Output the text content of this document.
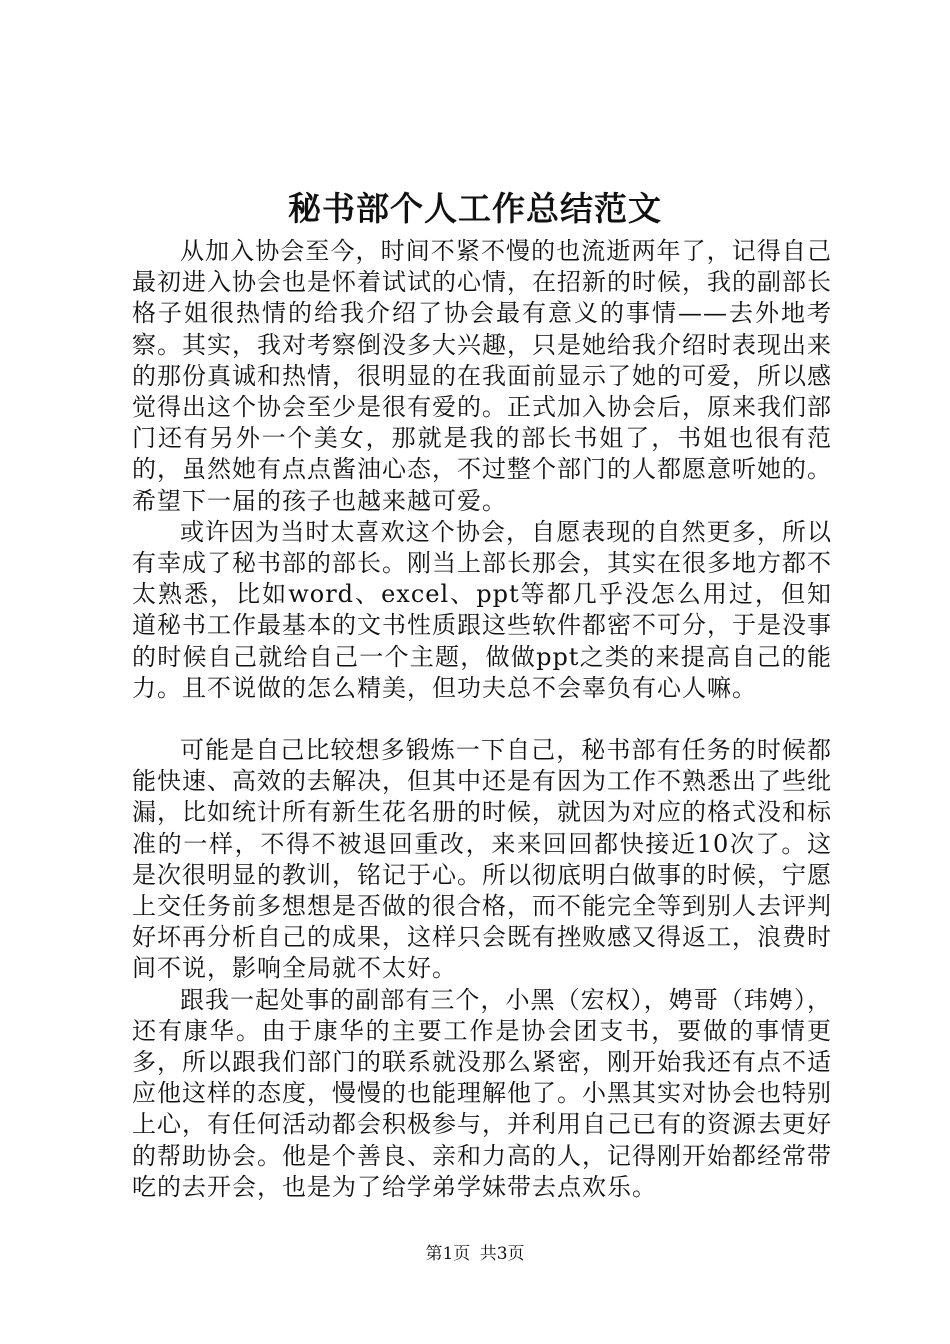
秘书部个人工作总结范文

从加入协会至今，时间不紧不慢的也流逝两年了，记得自己最初进入协会也是怀着试试的心情，在招新的时候，我的副部长格子姐很热情的给我介绍了协会最有意义的事情——去外地考察。其实，我对考察倒没多大兴趣，只是她给我介绍时表现出来的那份真诚和热情，很明显的在我面前显示了她的可爱，所以感觉得出这个协会至少是很有爱的。正式加入协会后，原来我们部门还有另外一个美女，那就是我的部长书姐了，书姐也很有范的，虽然她有点点酱油心态，不过整个部门的人都愿意听她的。希望下一届的孩子也越来越可爱。

或许因为当时太喜欢这个协会，自愿表现的自然更多，所以有幸成了秘书部的部长。刚当上部长那会，其实在很多地方都不太熟悉，比如word、excel、ppt等都几乎没怎么用过，但知道秘书工作最基本的文书性质跟这些软件都密不可分，于是没事的时候自己就给自己一个主题，做做ppt之类的来提高自己的能力。且不说做的怎么精美，但功夫总不会辜负有心人嘛。

可能是自己比较想多锻炼一下自己，秘书部有任务的时候都能快速、高效的去解决，但其中还是有因为工作不熟悉出了些纰漏，比如统计所有新生花名册的时候，就因为对应的格式没和标准的一样，不得不被退回重改，来来回回都快接近10次了。这是次很明显的教训，铭记于心。所以彻底明白做事的时候，宁愿上交任务前多想想是否做的很合格，而不能完全等到别人去评判好坏再分析自己的成果，这样只会既有挫败感又得返工，浪费时间不说，影响全局就不太好。

跟我一起处事的副部有三个，小黑（宏权），娉哥（玮娉），还有康华。由于康华的主要工作是协会团支书，要做的事情更多，所以跟我们部门的联系就没那么紧密，刚开始我还有点不适应他这样的态度，慢慢的也能理解他了。小黑其实对协会也特别上心，有任何活动都会积极参与，并利用自己已有的资源去更好的帮助协会。他是个善良、亲和力高的人，记得刚开始都经常带吃的去开会，也是为了给学弟学妹带去点欢乐。

第1页 共3页
